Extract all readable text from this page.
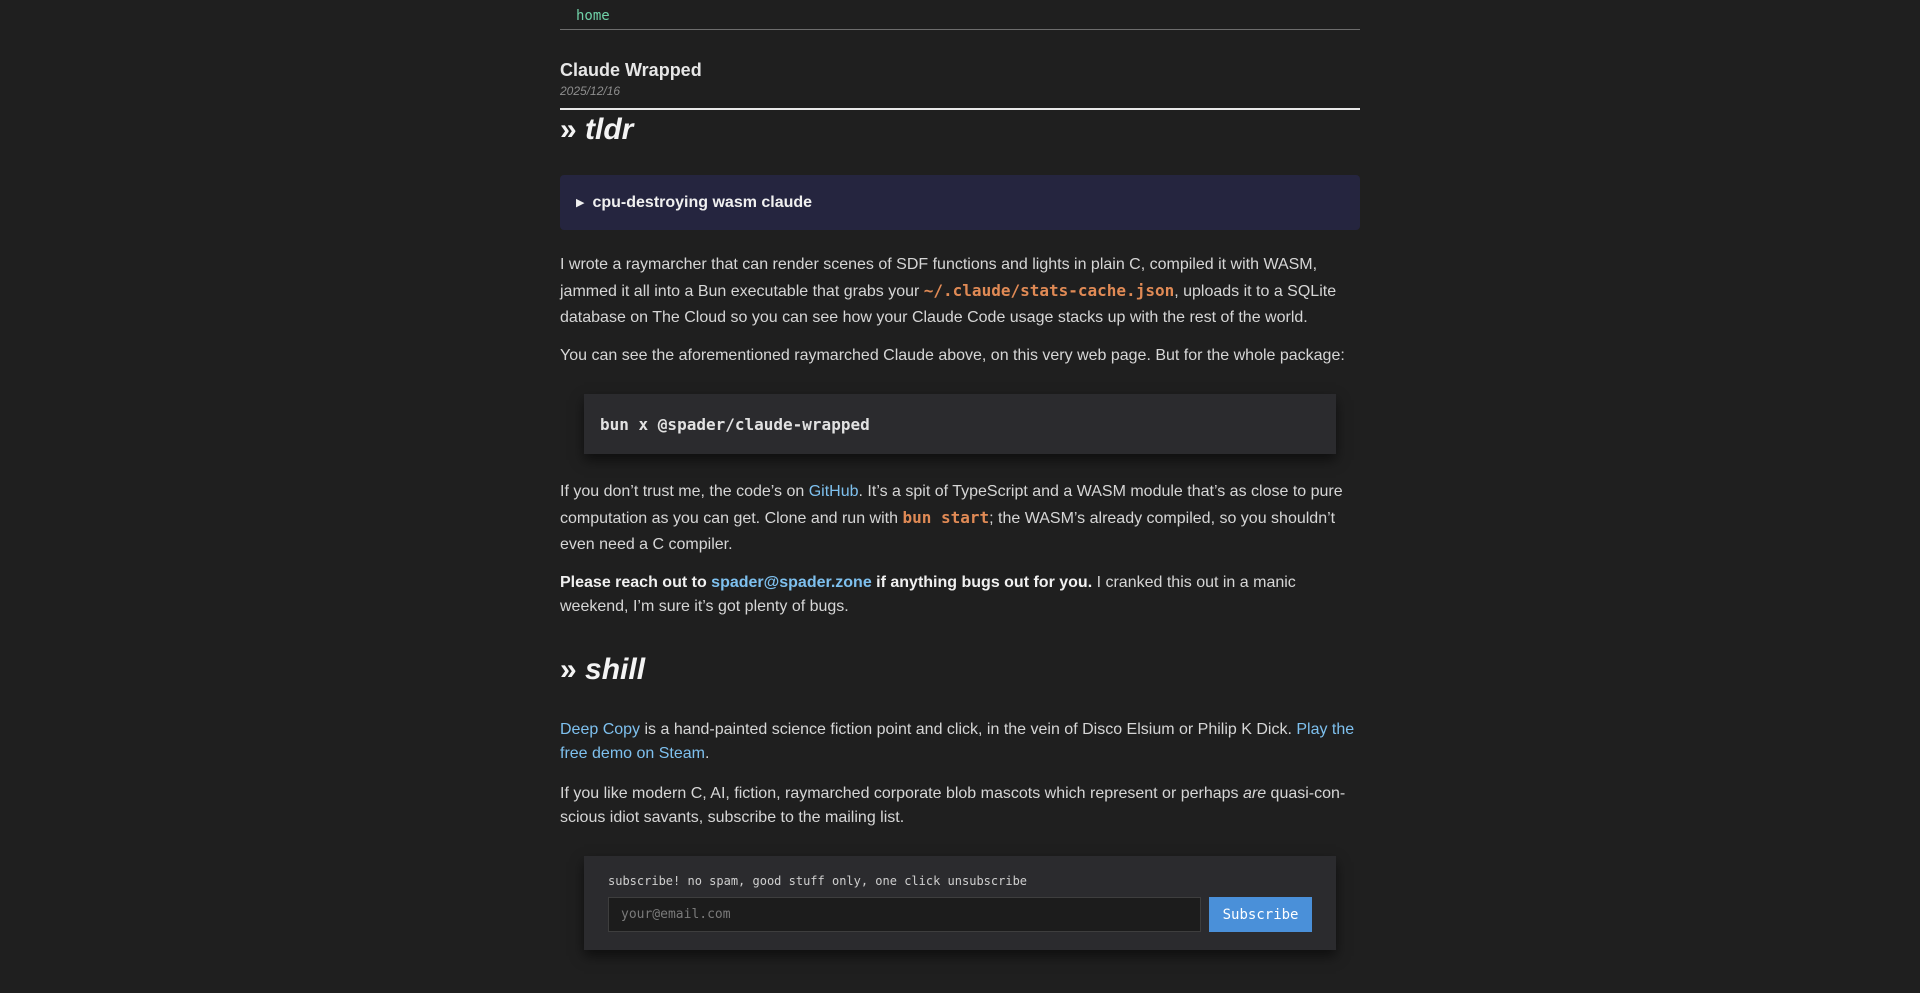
home
Claude Wrapped
2025/12/16
» tldr
▶ cpu-destroying wasm claude

I wrote a raymarcher that can render scenes of SDF functions and lights in plain C, compiled it with WASM, jammed it all into a Bun executable that grabs your ~/.claude/stats-cache.json, uploads it to a SQLite database on The Cloud so you can see how your Claude Code usage stacks up with the rest of the world.

You can see the aforementioned raymarched Claude above, on this very web page. But for the whole package:

bun x @spader/claude-wrapped

If you don’t trust me, the code’s on GitHub. It’s a spit of TypeScript and a WASM module that’s as close to pure computation as you can get. Clone and run with bun start; the WASM’s already compiled, so you shouldn’t even need a C compiler.

Please reach out to spader@spader.zone if anything bugs out for you. I cranked this out in a manic weekend, I’m sure it’s got plenty of bugs.

» shill

Deep Copy is a hand-painted science fiction point and click, in the vein of Disco Elsium or Philip K Dick. Play the free demo on Steam.

If you like modern C, AI, fiction, raymarched corporate blob mascots which represent or perhaps are quasi-con-scious idiot savants, subscribe to the mailing list.

subscribe! no spam, good stuff only, one click unsubscribe
your@email.com
Subscribe
